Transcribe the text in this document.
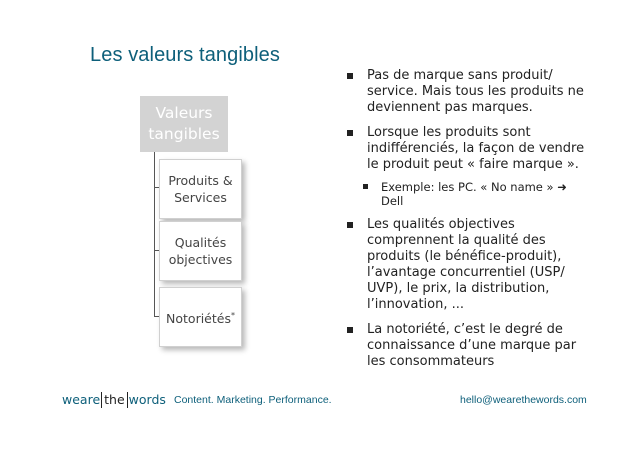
Les valeurs tangibles
Valeurs
tangibles
Produits &
Services
Qualités
objectives
Notoriétés*
Pas de marque sans produit/ service. Mais tous les produits ne deviennent pas marques.
Lorsque les produits sont indifférenciés, la façon de vendre le produit peut « faire marque ».
Exemple: les PC. « No name » ➜ Dell
Les qualités objectives comprennent la qualité des produits (le bénéfice-produit), l’avantage concurrentiel (USP/ UVP), le prix, la distribution, l’innovation, ...
La notoriété, c’est le degré de connaissance d’une marque par les consommateurs
weare the words Content. Marketing. Performance.	hello@wearethewords.com
